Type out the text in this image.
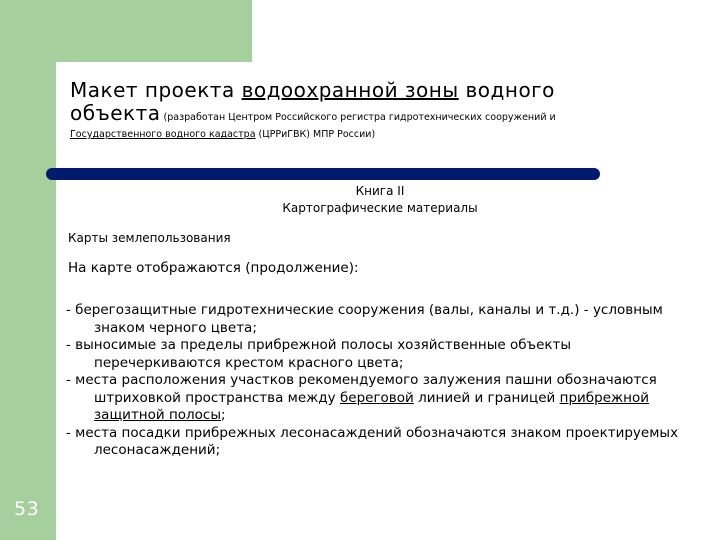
Макет проекта водоохранной зоны водного
объекта (разработан Центром Российского регистра гидротехнических сооружений и
Государственного водного кадастра (ЦРРиГВК) МПР России)
Книга II
Картографические материалы
Карты землепользования
На карте отображаются (продолжение):
- берегозащитные гидротехнические сооружения (валы, каналы и т.д.) - условным знаком черного цвета;
- выносимые за пределы прибрежной полосы хозяйственные объекты перечеркиваются крестом красного цвета;
- места расположения участков рекомендуемого залужения пашни обозначаются штриховкой пространства между береговой линией и границей прибрежной защитной полосы;
- места посадки прибрежных лесонасаждений обозначаются знаком проектируемых лесонасаждений;
53
